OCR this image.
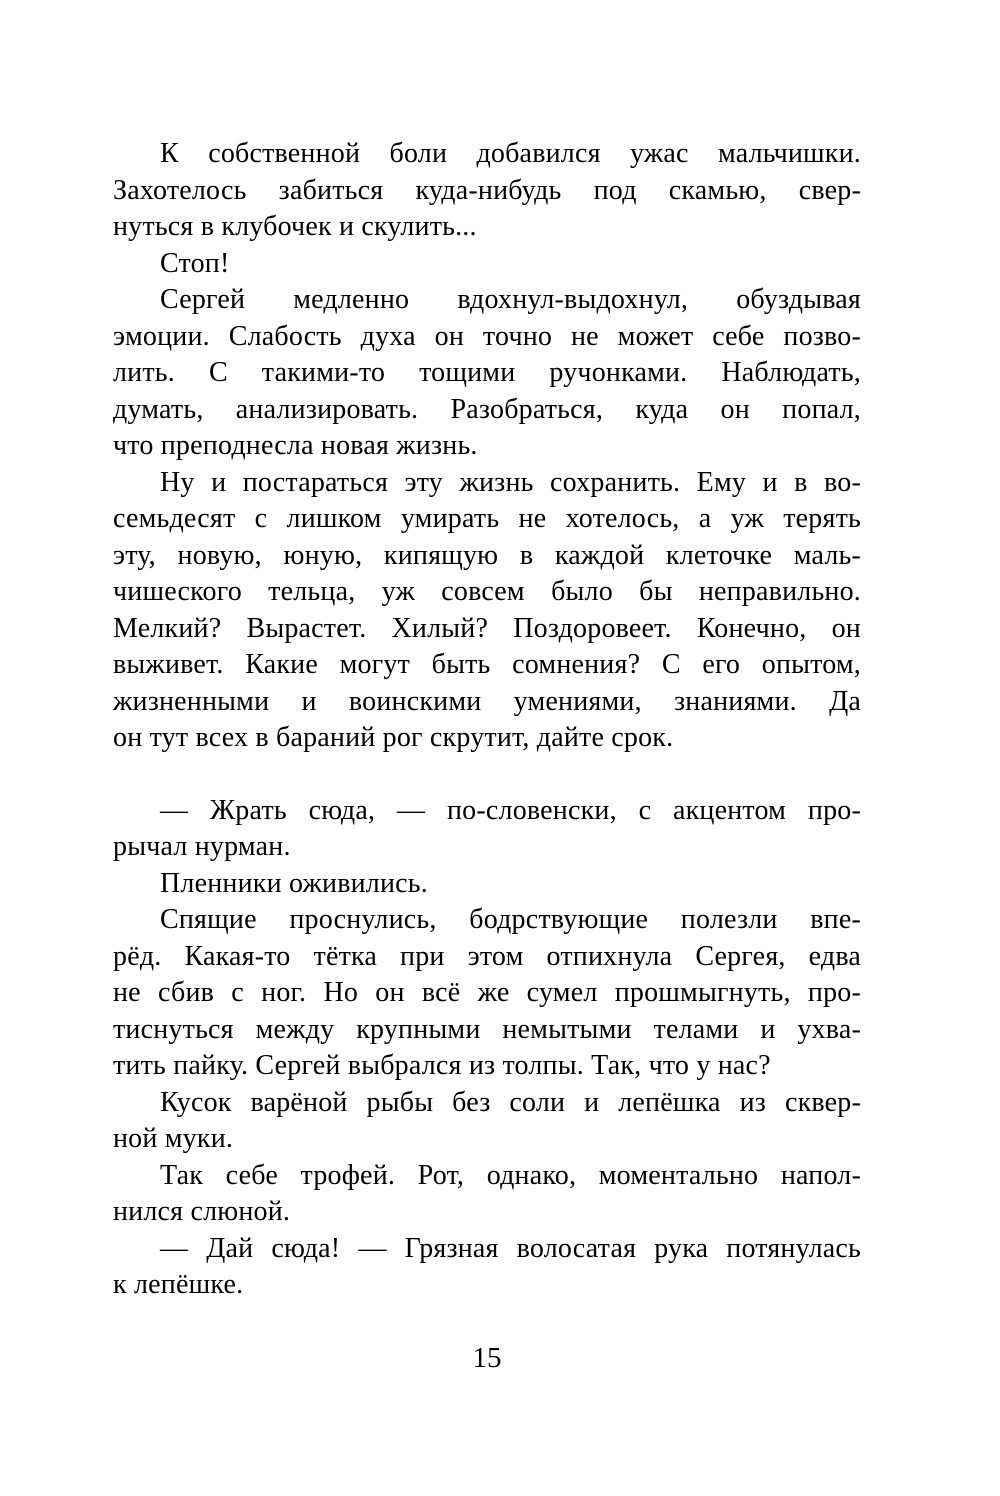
К собственной боли добавился ужас мальчишки.
Захотелось забиться куда-нибудь под скамью, свер-
нуться в клубочек и скулить...
Стоп!
Сергей медленно вдохнул-выдохнул, обуздывая
эмоции. Слабость духа он точно не может себе позво-
лить. С такими-то тощими ручонками. Наблюдать,
думать, анализировать. Разобраться, куда он попал,
что преподнесла новая жизнь.
Ну и постараться эту жизнь сохранить. Ему и в во-
семьдесят с лишком умирать не хотелось, а уж терять
эту, новую, юную, кипящую в каждой клеточке маль-
чишеского тельца, уж совсем было бы неправильно.
Мелкий? Вырастет. Хилый? Поздоровеет. Конечно, он
выживет. Какие могут быть сомнения? С его опытом,
жизненными и воинскими умениями, знаниями. Да
он тут всех в бараний рог скрутит, дайте срок.
— Жрать сюда, — по-словенски, с акцентом про-
рычал нурман.
Пленники оживились.
Спящие проснулись, бодрствующие полезли впе-
рёд. Какая-то тётка при этом отпихнула Сергея, едва
не сбив с ног. Но он всё же сумел прошмыгнуть, про-
тиснуться между крупными немытыми телами и ухва-
тить пайку. Сергей выбрался из толпы. Так, что у нас?
Кусок варёной рыбы без соли и лепёшка из сквер-
ной муки.
Так себе трофей. Рот, однако, моментально напол-
нился слюной.
— Дай сюда! — Грязная волосатая рука потянулась
к лепёшке.
15
